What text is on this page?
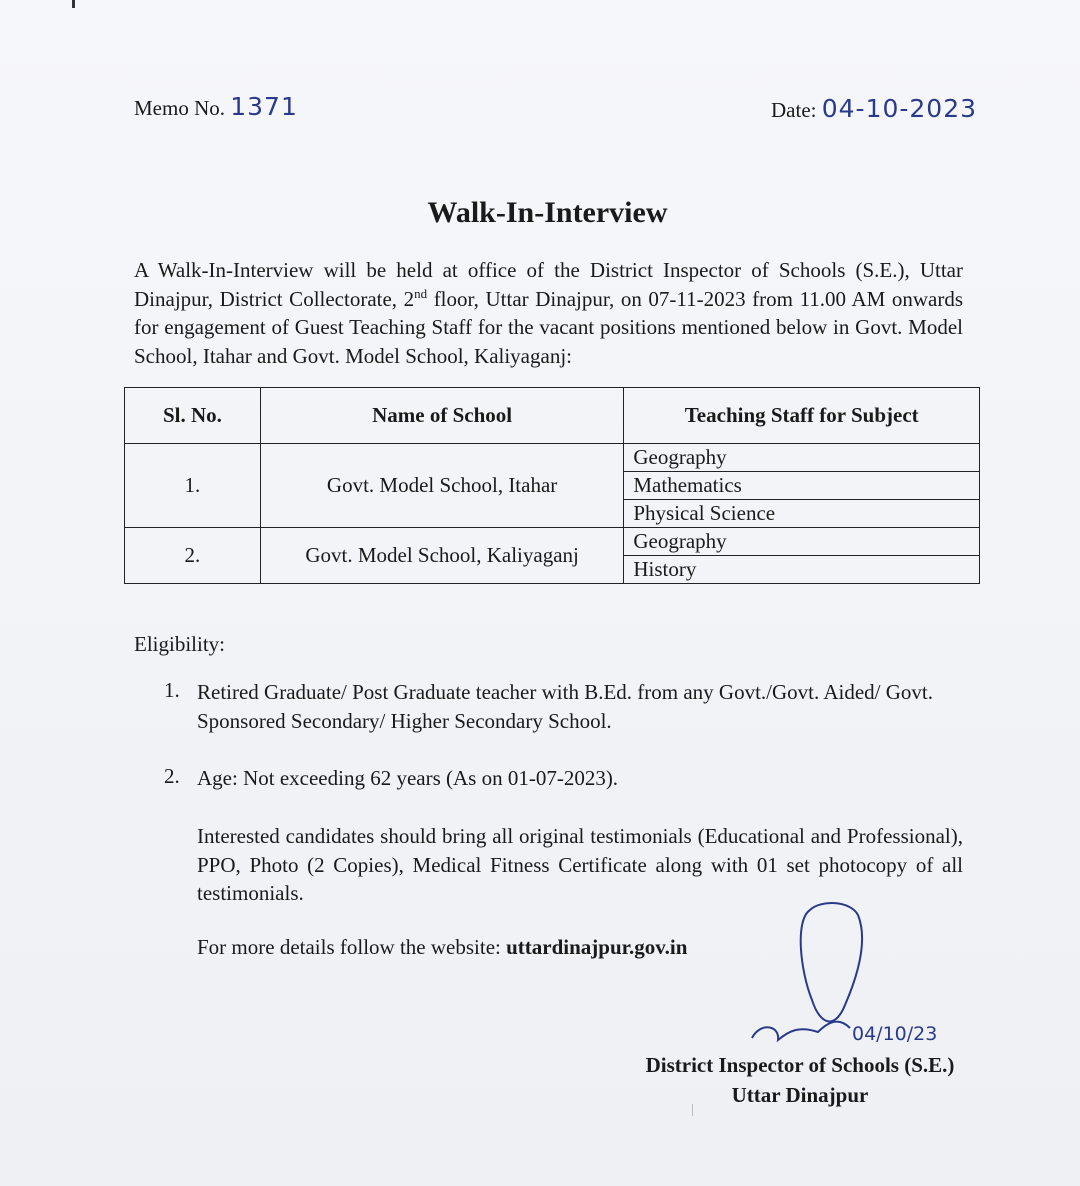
Memo No. 1371	Date: 04-10-2023
Walk-In-Interview
A Walk-In-Interview will be held at office of the District Inspector of Schools (S.E.), Uttar Dinajpur, District Collectorate, 2nd floor, Uttar Dinajpur, on 07-11-2023 from 11.00 AM onwards for engagement of Guest Teaching Staff for the vacant positions mentioned below in Govt. Model School, Itahar and Govt. Model School, Kaliyaganj:
Sl. No.	Name of School	Teaching Staff for Subject
1.	Govt. Model School, Itahar	Geography
		Mathematics
		Physical Science
2.	Govt. Model School, Kaliyaganj	Geography
		History
Eligibility:
1. Retired Graduate/ Post Graduate teacher with B.Ed. from any Govt./Govt. Aided/ Govt. Sponsored Secondary/ Higher Secondary School.
2. Age: Not exceeding 62 years (As on 01-07-2023).
Interested candidates should bring all original testimonials (Educational and Professional), PPO, Photo (2 Copies), Medical Fitness Certificate along with 01 set photocopy of all testimonials.
For more details follow the website: uttardinajpur.gov.in
04/10/23
District Inspector of Schools (S.E.)
Uttar Dinajpur
